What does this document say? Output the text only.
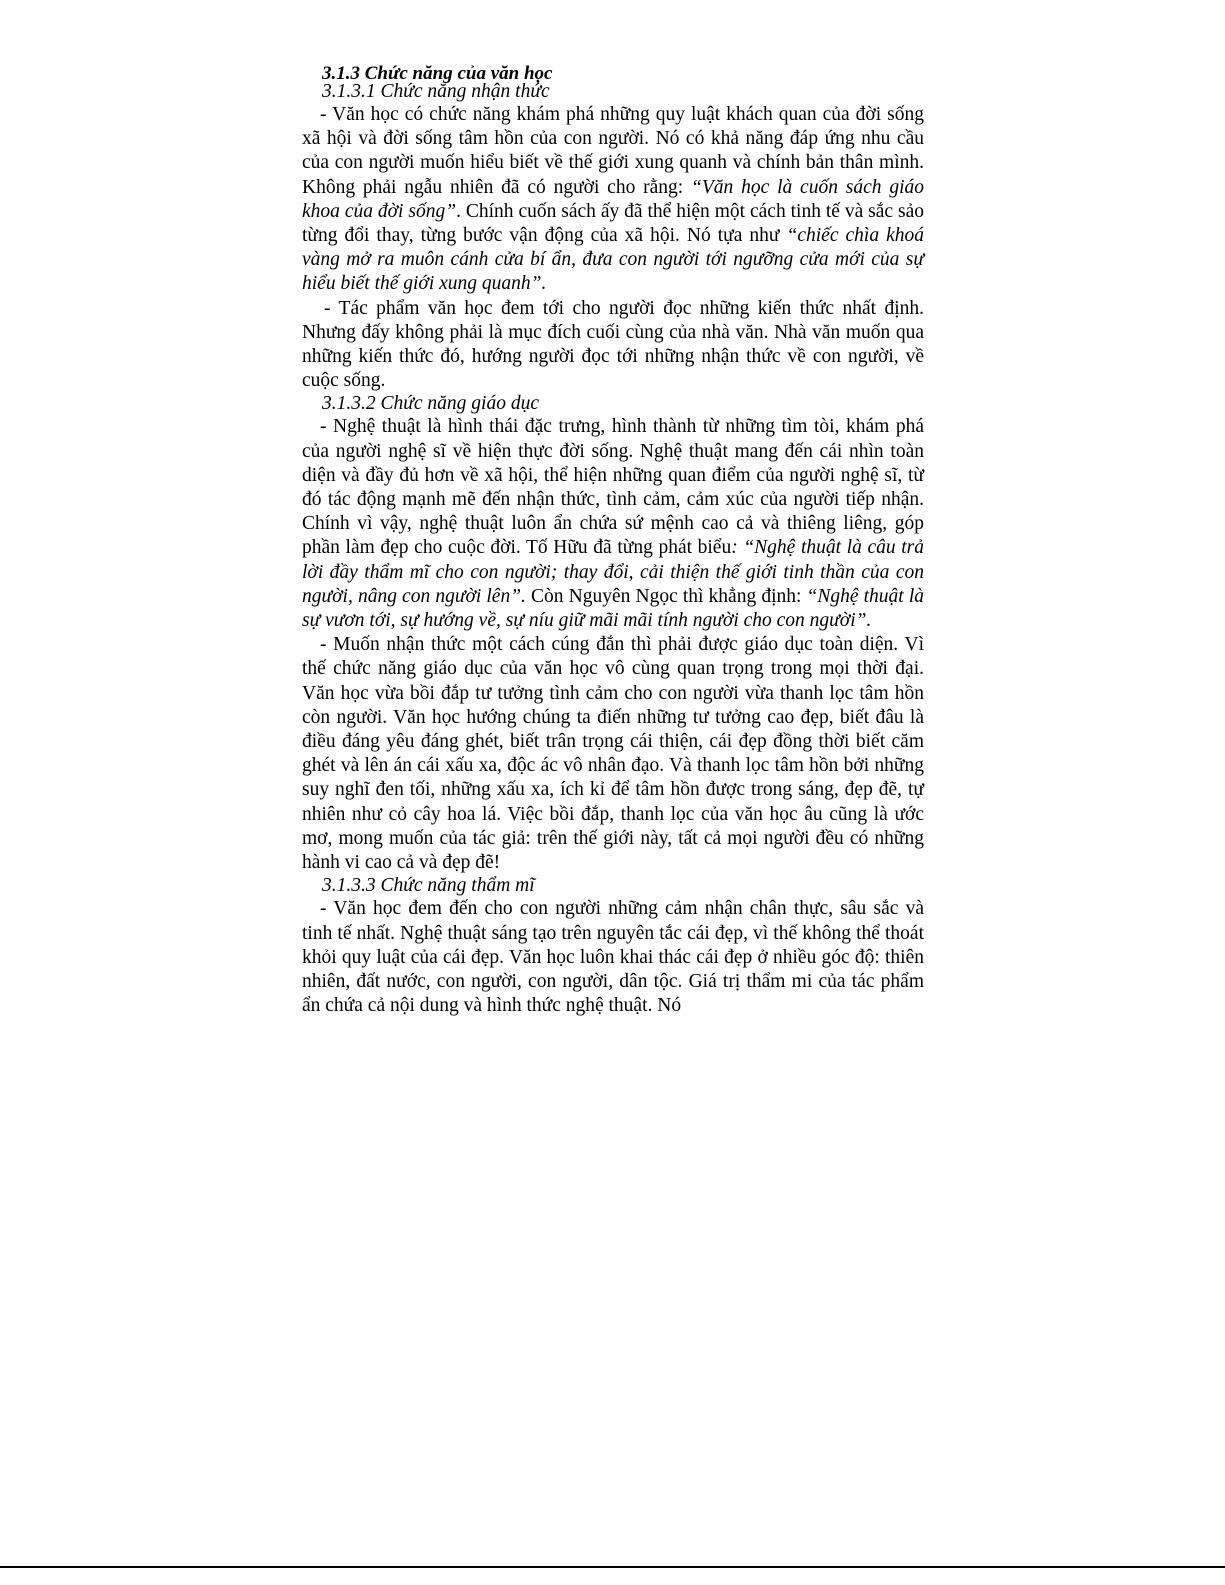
3.1.3 Chức năng của văn học
3.1.3.1 Chức năng nhận thức

- Văn học có chức năng khám phá những quy luật khách quan của đời sống xã hội và đời sống tâm hồn của con người. Nó có khả năng đáp ứng nhu cầu của con người muốn hiểu biết về thế giới xung quanh và chính bản thân mình. Không phải ngẫu nhiên đã có người cho rằng: “Văn học là cuốn sách giáo khoa của đời sống”. Chính cuốn sách ấy đã thể hiện một cách tinh tế và sắc sảo từng đổi thay, từng bước vận động của xã hội. Nó tựa như “chiếc chìa khoá vàng mở ra muôn cánh cửa bí ẩn, đưa con người tới ngưỡng cửa mới của sự hiểu biết thế giới xung quanh”.

- Tác phẩm văn học đem tới cho người đọc những kiến thức nhất định. Nhưng đấy không phải là mục đích cuối cùng của nhà văn. Nhà văn muốn qua những kiến thức đó, hướng người đọc tới những nhận thức về con người, về cuộc sống.

3.1.3.2 Chức năng giáo dục

- Nghệ thuật là hình thái đặc trưng, hình thành từ những tìm tòi, khám phá của người nghệ sĩ về hiện thực đời sống. Nghệ thuật mang đến cái nhìn toàn diện và đầy đủ hơn về xã hội, thể hiện những quan điểm của người nghệ sĩ, từ đó tác động mạnh mẽ đến nhận thức, tình cảm, cảm xúc của người tiếp nhận. Chính vì vậy, nghệ thuật luôn ẩn chứa sứ mệnh cao cả và thiêng liêng, góp phần làm đẹp cho cuộc đời. Tố Hữu đã từng phát biểu: “Nghệ thuật là câu trả lời đầy thẩm mĩ cho con người; thay đổi, cải thiện thế giới tinh thần của con người, nâng con người lên”. Còn Nguyên Ngọc thì khẳng định: “Nghệ thuật là sự vươn tới, sự hướng về, sự níu giữ mãi mãi tính người cho con người”.

- Muốn nhận thức một cách cúng đắn thì phải được giáo dục toàn diện. Vì thế chức năng giáo dục của văn học vô cùng quan trọng trong mọi thời đại. Văn học vừa bồi đắp tư tưởng tình cảm cho con người vừa thanh lọc tâm hồn còn người. Văn học hướng chúng ta điến những tư tưởng cao đẹp, biết đâu là điều đáng yêu đáng ghét, biết trân trọng cái thiện, cái đẹp đồng thời biết căm ghét và lên án cái xấu xa, độc ác vô nhân đạo. Và thanh lọc tâm hồn bởi những suy nghĩ đen tối, những xấu xa, ích kỉ để tâm hồn được trong sáng, đẹp đẽ, tự nhiên như cỏ cây hoa lá. Việc bồi đắp, thanh lọc của văn học âu cũng là ước mơ, mong muốn của tác giả: trên thế giới này, tất cả mọi người đều có những hành vi cao cả và đẹp đẽ!

3.1.3.3 Chức năng thẩm mĩ

- Văn học đem đến cho con người những cảm nhận chân thực, sâu sắc và tinh tế nhất. Nghệ thuật sáng tạo trên nguyên tắc cái đẹp, vì thế không thể thoát khỏi quy luật của cái đẹp. Văn học luôn khai thác cái đẹp ở nhiều góc độ: thiên nhiên, đất nước, con người, con người, dân tộc. Giá trị thẩm mi của tác phẩm ẩn chứa cả nội dung và hình thức nghệ thuật. Nó
